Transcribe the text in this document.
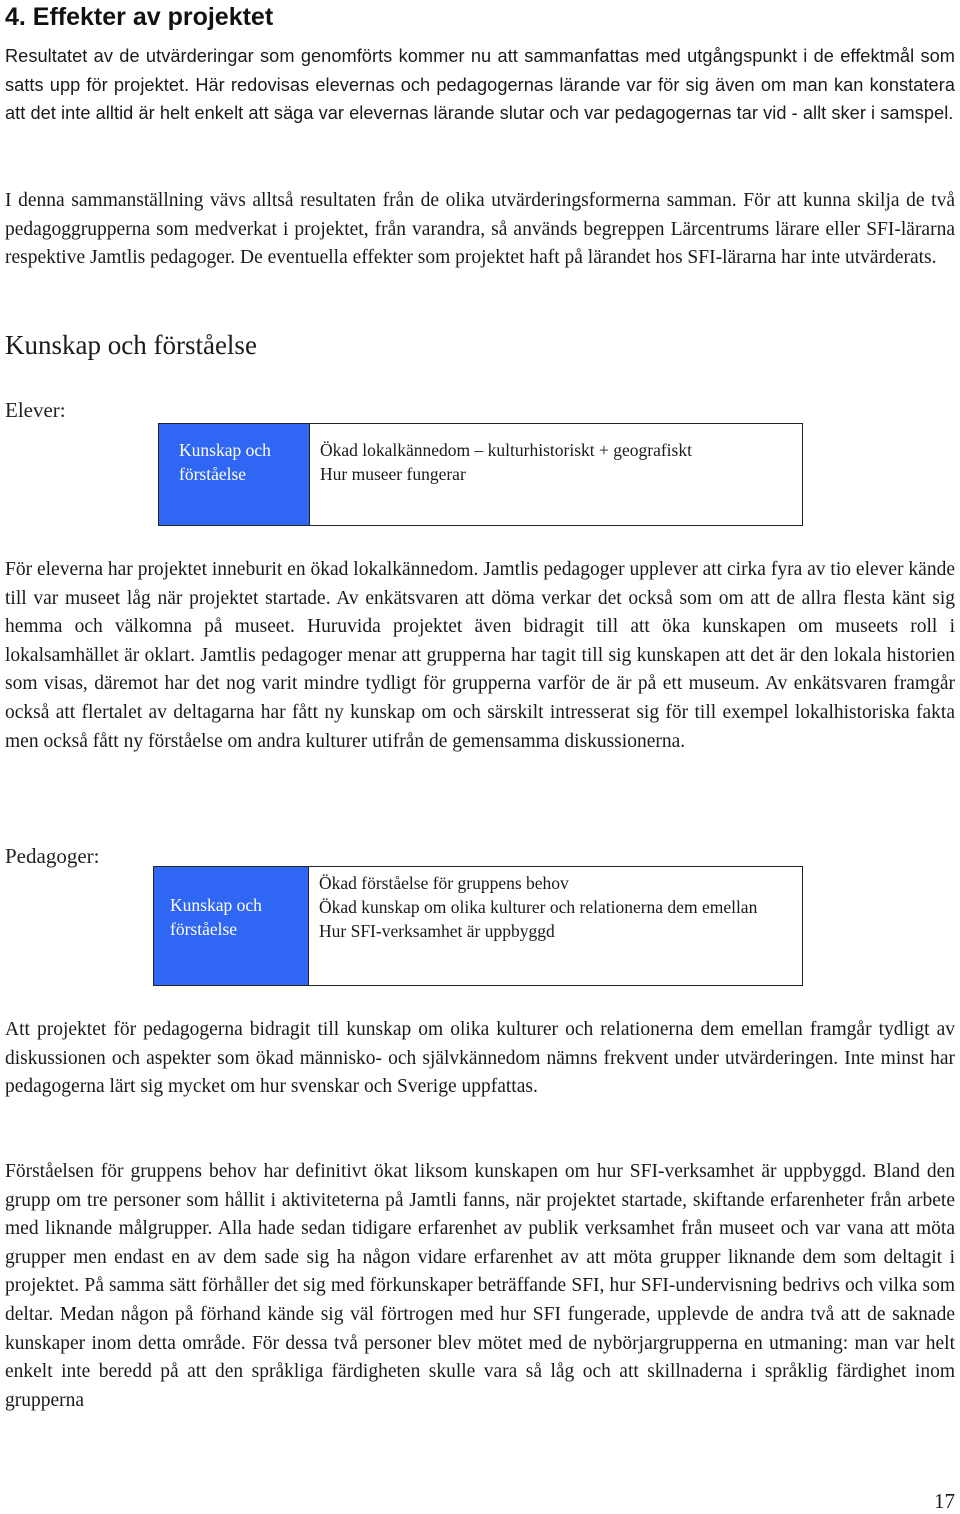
4. Effekter av projektet

Resultatet av de utvärderingar som genomförts kommer nu att sammanfattas med utgångspunkt i de effektmål som satts upp för projektet. Här redovisas elevernas och pedagogernas lärande var för sig även om man kan konstatera att det inte alltid är helt enkelt att säga var elevernas lärande slutar och var pedagogernas tar vid - allt sker i samspel.

I denna sammanställning vävs alltså resultaten från de olika utvärderingsformerna samman. För att kunna skilja de två pedagoggrupperna som medverkat i projektet, från varandra, så används begreppen Lärcentrums lärare eller SFI-lärarna respektive Jamtlis pedagoger. De eventuella effekter som projektet haft på lärandet hos SFI-lärarna har inte utvärderats.

Kunskap och förståelse

Elever:

Kunskap och förståelse
Ökad lokalkännedom – kulturhistoriskt + geografiskt
Hur museer fungerar

För eleverna har projektet inneburit en ökad lokalkännedom. Jamtlis pedagoger upplever att cirka fyra av tio elever kände till var museet låg när projektet startade. Av enkätsvaren att döma verkar det också som om att de allra flesta känt sig hemma och välkomna på museet. Huruvida projektet även bidragit till att öka kunskapen om museets roll i lokalsamhället är oklart. Jamtlis pedagoger menar att grupperna har tagit till sig kunskapen att det är den lokala historien som visas, däremot har det nog varit mindre tydligt för grupperna varför de är på ett museum. Av enkätsvaren framgår också att flertalet av deltagarna har fått ny kunskap om och särskilt intresserat sig för till exempel lokalhistoriska fakta men också fått ny förståelse om andra kulturer utifrån de gemensamma diskussionerna.

Pedagoger:

Kunskap och förståelse
Ökad förståelse för gruppens behov
Ökad kunskap om olika kulturer och relationerna dem emellan
Hur SFI-verksamhet är uppbyggd

Att projektet för pedagogerna bidragit till kunskap om olika kulturer och relationerna dem emellan framgår tydligt av diskussionen och aspekter som ökad människo- och självkännedom nämns frekvent under utvärderingen. Inte minst har pedagogerna lärt sig mycket om hur svenskar och Sverige uppfattas.

Förståelsen för gruppens behov har definitivt ökat liksom kunskapen om hur SFI-verksamhet är uppbyggd. Bland den grupp om tre personer som hållit i aktiviteterna på Jamtli fanns, när projektet startade, skiftande erfarenheter från arbete med liknande målgrupper. Alla hade sedan tidigare erfarenhet av publik verksamhet från museet och var vana att möta grupper men endast en av dem sade sig ha någon vidare erfarenhet av att möta grupper liknande dem som deltagit i projektet. På samma sätt förhåller det sig med förkunskaper beträffande SFI, hur SFI-undervisning bedrivs och vilka som deltar. Medan någon på förhand kände sig väl förtrogen med hur SFI fungerade, upplevde de andra två att de saknade kunskaper inom detta område. För dessa två personer blev mötet med de nybörjargrupperna en utmaning: man var helt enkelt inte beredd på att den språkliga färdigheten skulle vara så låg och att skillnaderna i språklig färdighet inom grupperna

17
